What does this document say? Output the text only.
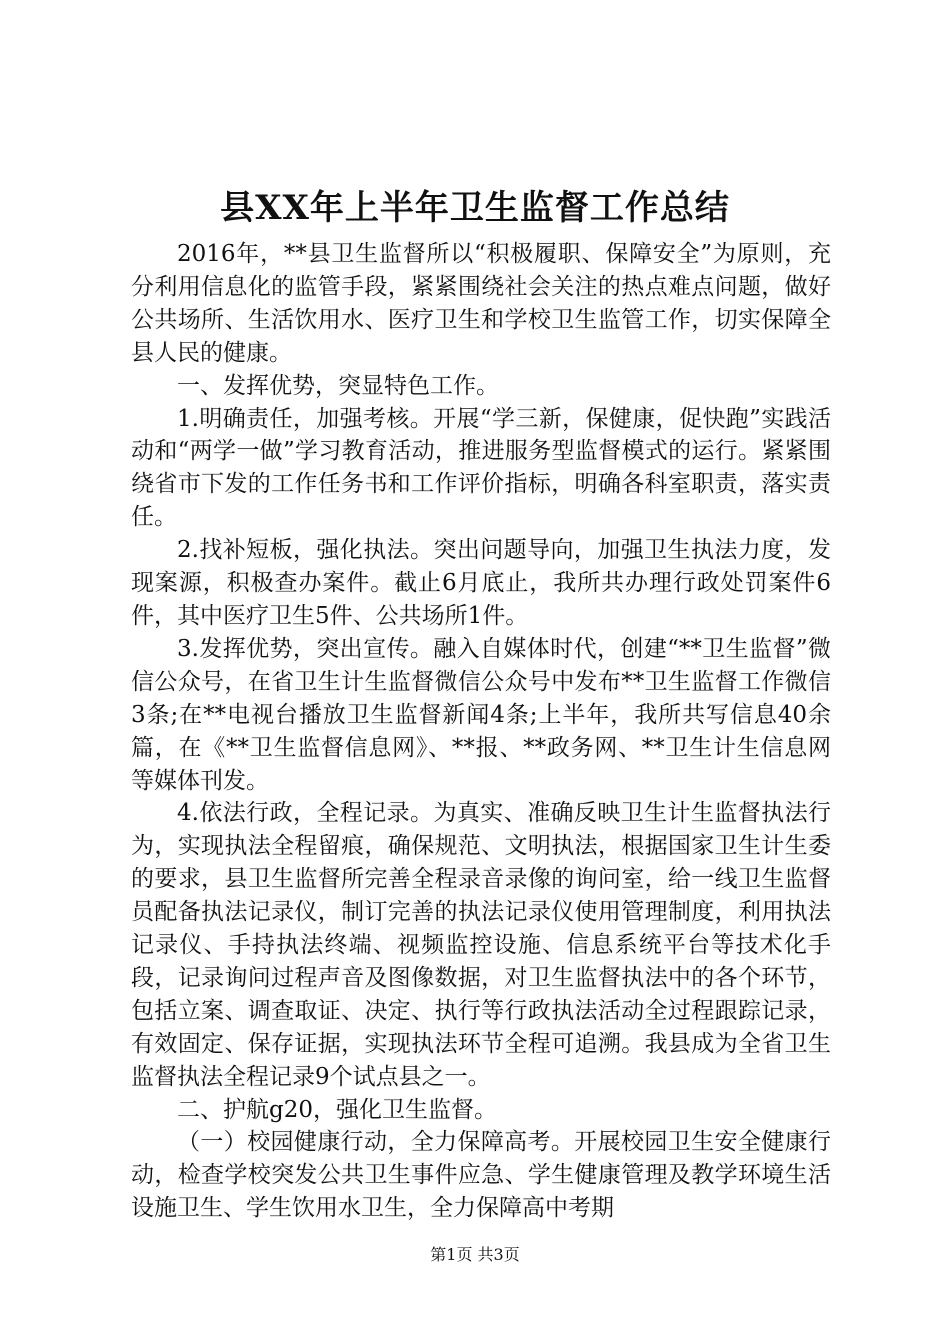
县XX年上半年卫生监督工作总结

2016年，**县卫生监督所以“积极履职、保障安全”为原则，充分利用信息化的监管手段，紧紧围绕社会关注的热点难点问题，做好公共场所、生活饮用水、医疗卫生和学校卫生监管工作，切实保障全县人民的健康。

一、发挥优势，突显特色工作。

1.明确责任，加强考核。开展“学三新，保健康，促快跑”实践活动和“两学一做”学习教育活动，推进服务型监督模式的运行。紧紧围绕省市下发的工作任务书和工作评价指标，明确各科室职责，落实责任。

2.找补短板，强化执法。突出问题导向，加强卫生执法力度，发现案源，积极查办案件。截止6月底止，我所共办理行政处罚案件6件，其中医疗卫生5件、公共场所1件。

3.发挥优势，突出宣传。融入自媒体时代，创建“**卫生监督”微信公众号，在省卫生计生监督微信公众号中发布**卫生监督工作微信3条;在**电视台播放卫生监督新闻4条;上半年，我所共写信息40余篇，在《**卫生监督信息网》、**报、**政务网、**卫生计生信息网等媒体刊发。

4.依法行政，全程记录。为真实、准确反映卫生计生监督执法行为，实现执法全程留痕，确保规范、文明执法，根据国家卫生计生委的要求，县卫生监督所完善全程录音录像的询问室，给一线卫生监督员配备执法记录仪，制订完善的执法记录仪使用管理制度，利用执法记录仪、手持执法终端、视频监控设施、信息系统平台等技术化手段，记录询问过程声音及图像数据，对卫生监督执法中的各个环节，包括立案、调查取证、决定、执行等行政执法活动全过程跟踪记录，有效固定、保存证据，实现执法环节全程可追溯。我县成为全省卫生监督执法全程记录9个试点县之一。

二、护航g20，强化卫生监督。

（一）校园健康行动，全力保障高考。开展校园卫生安全健康行动，检查学校突发公共卫生事件应急、学生健康管理及教学环境生活设施卫生、学生饮用水卫生，全力保障高中考期

第1页 共3页
